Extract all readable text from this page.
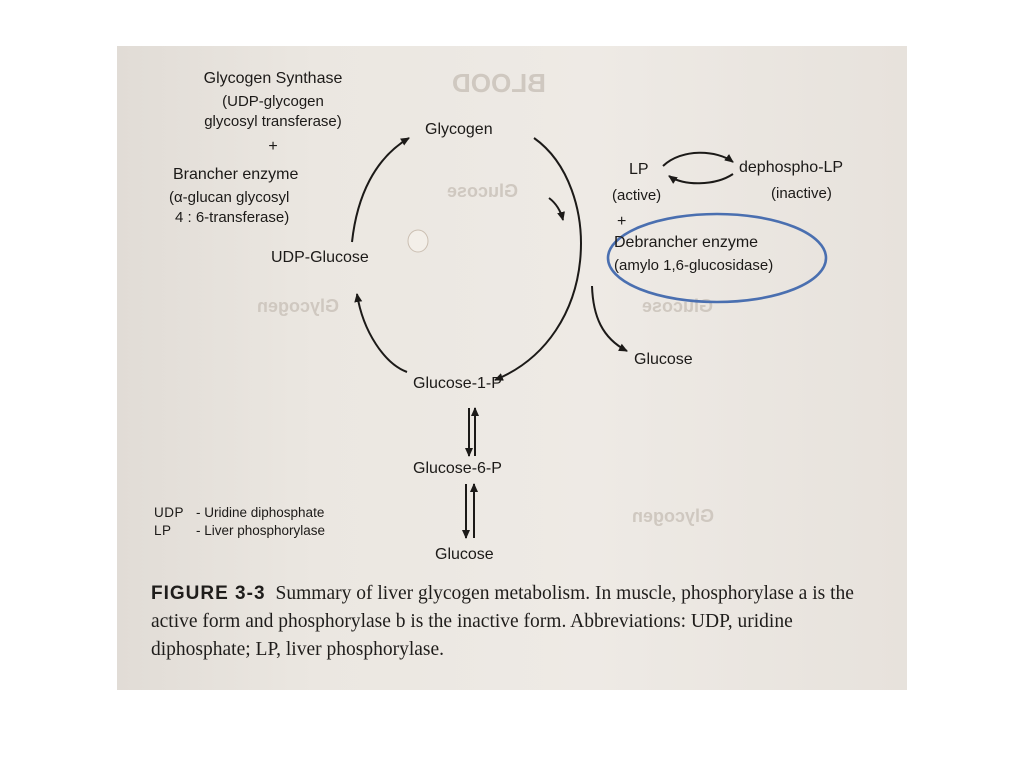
BLOOD
Glucose
Glycogen	Glucose
Glycogen
Glycogen Synthase
(UDP-glycogen
glycosyl transferase)
+
Brancher enzyme
(α-glucan glycosyl
4 : 6-transferase)
Glycogen
UDP-Glucose
Glucose-1-P
Glucose-6-P
Glucose
Glucose
LP
(active)
dephospho-LP
(inactive)
+
Debrancher enzyme
(amylo 1,6-glucosidase)
UDP - Uridine diphosphate
LP - Liver phosphorylase
FIGURE 3-3 Summary of liver glycogen metabolism. In muscle, phosphorylase a is the active form and phosphorylase b is the inactive form. Abbreviations: UDP, uridine diphosphate; LP, liver phosphorylase.
